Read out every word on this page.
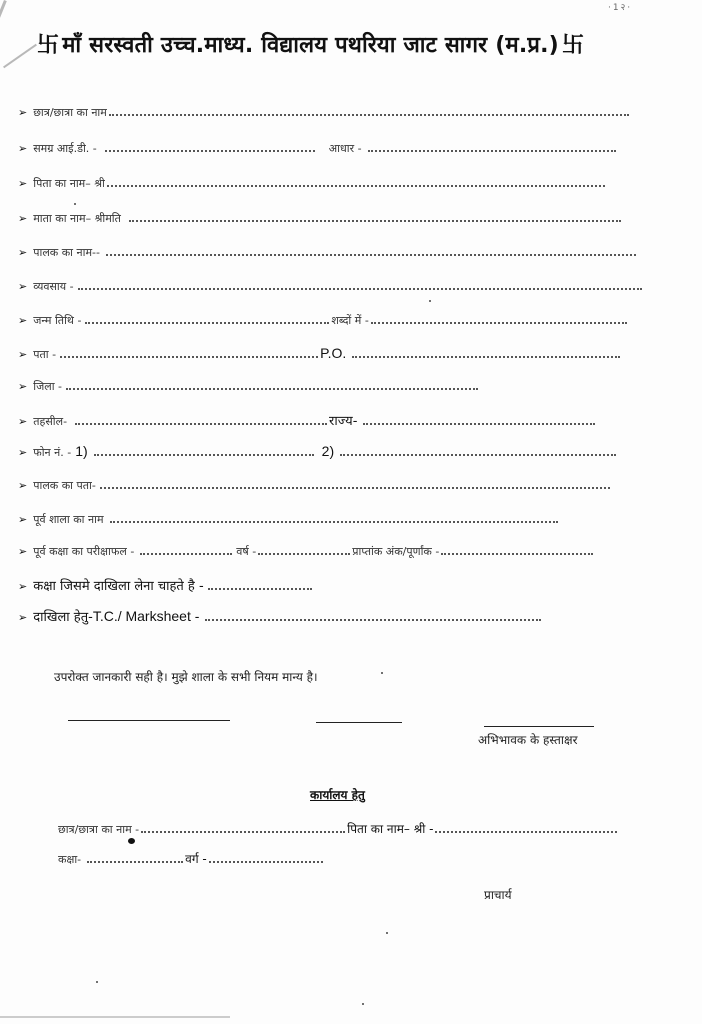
·1२·
卐 माँ सरस्वती उच्च.माध्य. विद्यालय पथरिया जाट सागर (म.प्र.) 卐
➢ छात्र/छात्रा का नाम
➢ समग्र आई.डी. -	आधार -
➢ पिता का नाम– श्री
➢ माता का नाम– श्रीमति
➢ पालक का नाम--
➢ व्यवसाय -
➢ जन्म तिथि -	शब्दों में -
➢ पता -	P.O.
➢ जिला -
➢ तहसील-	राज्य-
➢ फोन नं. - 1)	2)
➢ पालक का पता-
➢ पूर्व शाला का नाम
➢ पूर्व कक्षा का परीक्षाफल -	वर्ष -	प्राप्तांक अंक/पूर्णांक -
➢ कक्षा जिसमे दाखिला लेना चाहते है -
➢ दाखिला हेतु- T.C./ Marksheet -
उपरोक्त जानकारी सही है। मुझे शाला के सभी नियम मान्य है।
अभिभावक के हस्ताक्षर
कार्यालय हेतु
छात्र/छात्रा का नाम -	पिता का नाम– श्री -
कक्षा-	वर्ग -
प्राचार्य
